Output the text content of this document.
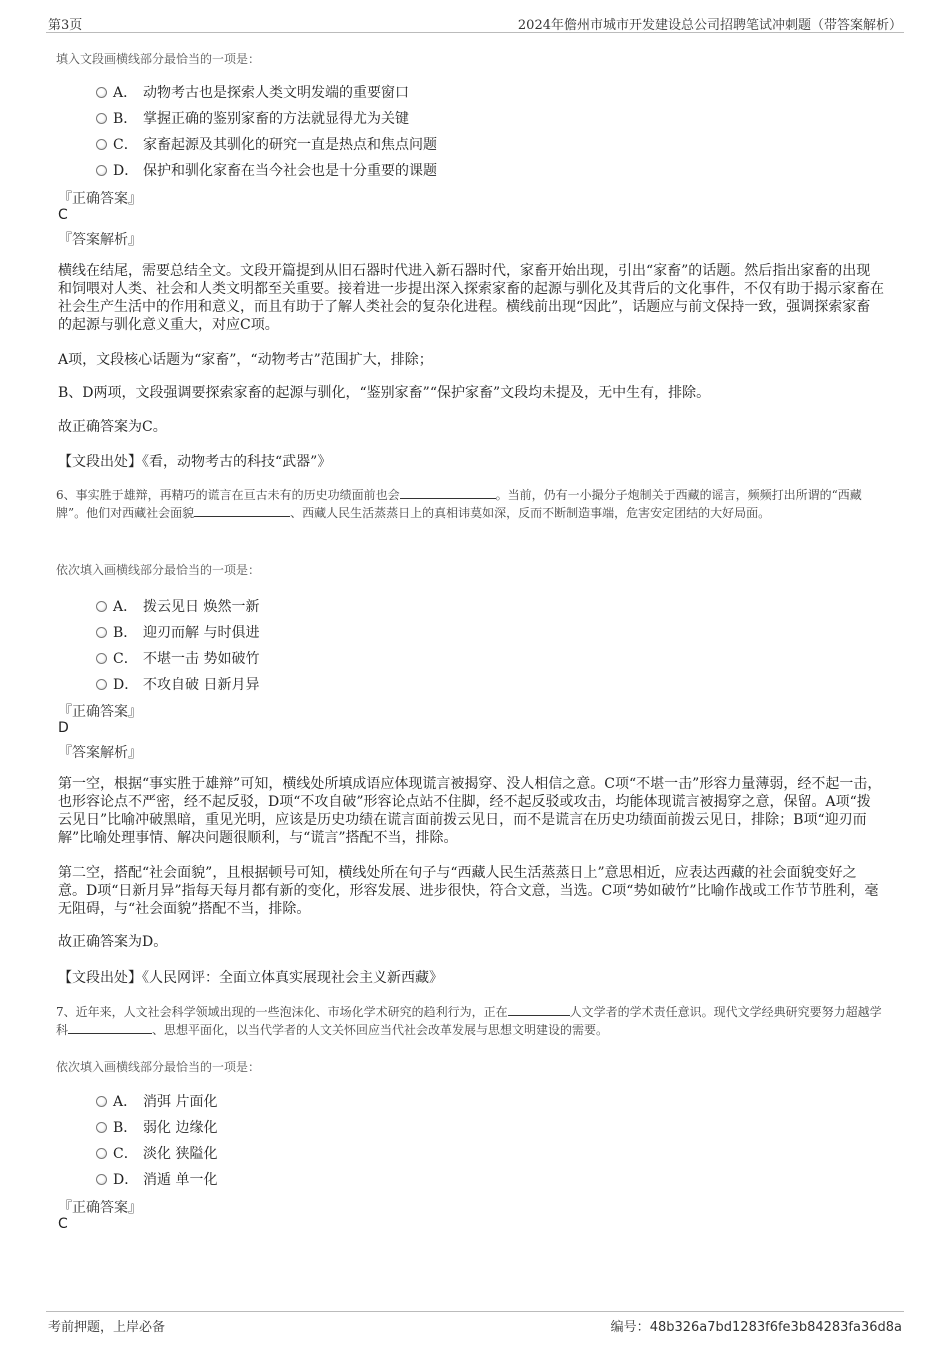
第3页	2024年儋州市城市开发建设总公司招聘笔试冲刺题（带答案解析）
填入文段画横线部分最恰当的一项是：
A． 动物考古也是探索人类文明发端的重要窗口
B． 掌握正确的鉴别家畜的方法就显得尤为关键
C． 家畜起源及其驯化的研究一直是热点和焦点问题
D． 保护和驯化家畜在当今社会也是十分重要的课题
『正确答案』
C
『答案解析』
横线在结尾，需要总结全文。文段开篇提到从旧石器时代进入新石器时代，家畜开始出现，引出“家畜”的话题。然后指出家畜的出现和饲喂对人类、社会和人类文明都至关重要。接着进一步提出深入探索家畜的起源与驯化及其背后的文化事件，不仅有助于揭示家畜在社会生产生活中的作用和意义，而且有助于了解人类社会的复杂化进程。横线前出现“因此”，话题应与前文保持一致，强调探索家畜的起源与驯化意义重大，对应C项。
A项，文段核心话题为“家畜”，“动物考古”范围扩大，排除；
B、D两项，文段强调要探索家畜的起源与驯化，“鉴别家畜”“保护家畜”文段均未提及，无中生有，排除。
故正确答案为C。
【文段出处】《看，动物考古的科技“武器”》
6、事实胜于雄辩，再精巧的谎言在亘古未有的历史功绩面前也会	。当前，仍有一小撮分子炮制关于西藏的谣言，频频打出所谓的“西藏牌”。他们对西藏社会面貌	、西藏人民生活蒸蒸日上的真相讳莫如深，反而不断制造事端，危害安定团结的大好局面。
依次填入画横线部分最恰当的一项是：
A． 拨云见日 焕然一新
B． 迎刃而解 与时俱进
C． 不堪一击 势如破竹
D． 不攻自破 日新月异
『正确答案』
D
『答案解析』
第一空，根据“事实胜于雄辩”可知，横线处所填成语应体现谎言被揭穿、没人相信之意。C项“不堪一击”形容力量薄弱，经不起一击，也形容论点不严密，经不起反驳，D项“不攻自破”形容论点站不住脚，经不起反驳或攻击，均能体现谎言被揭穿之意，保留。A项“拨云见日”比喻冲破黑暗，重见光明，应该是历史功绩在谎言面前拨云见日，而不是谎言在历史功绩面前拨云见日，排除；B项“迎刃而解”比喻处理事情、解决问题很顺利，与“谎言”搭配不当，排除。
第二空，搭配“社会面貌”，且根据顿号可知，横线处所在句子与“西藏人民生活蒸蒸日上”意思相近，应表达西藏的社会面貌变好之意。D项“日新月异”指每天每月都有新的变化，形容发展、进步很快，符合文意，当选。C项“势如破竹”比喻作战或工作节节胜利，毫无阻碍，与“社会面貌”搭配不当，排除。
故正确答案为D。
【文段出处】《人民网评：全面立体真实展现社会主义新西藏》
7、近年来，人文社会科学领域出现的一些泡沫化、市场化学术研究的趋利行为，正在	人文学者的学术责任意识。现代文学经典研究要努力超越学科	、思想平面化，以当代学者的人文关怀回应当代社会改革发展与思想文明建设的需要。
依次填入画横线部分最恰当的一项是：
A． 消弭 片面化
B． 弱化 边缘化
C． 淡化 狭隘化
D． 消遁 单一化
『正确答案』
C
考前押题，上岸必备	编号：48b326a7bd1283f6fe3b84283fa36d8a
